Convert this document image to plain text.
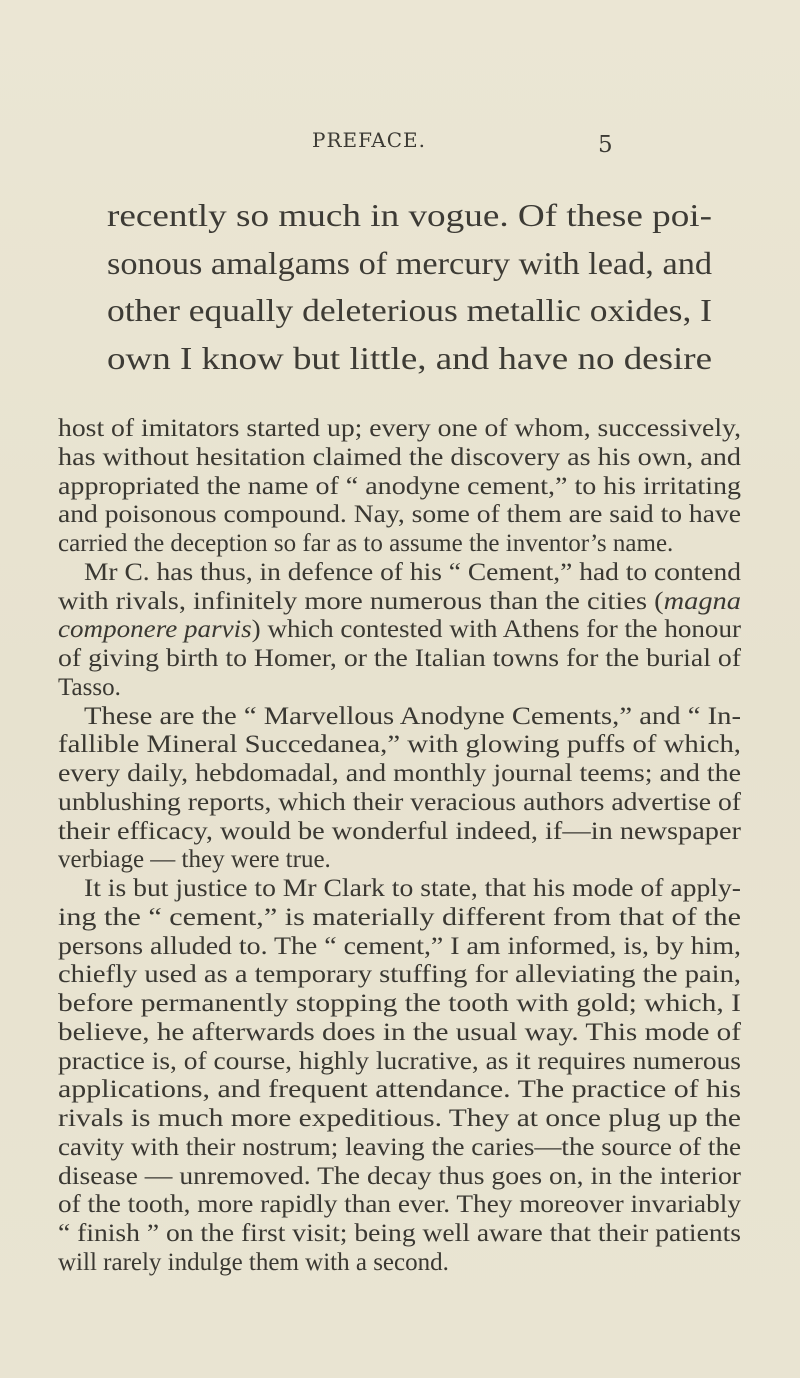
PREFACE.	5
recently so much in vogue. Of these poi-
sonous amalgams of mercury with lead, and
other equally deleterious metallic oxides, I
own I know but little, and have no desire
host of imitators started up; every one of whom, successively,
has without hesitation claimed the discovery as his own, and
appropriated the name of “ anodyne cement,” to his irritating
and poisonous compound. Nay, some of them are said to have
carried the deception so far as to assume the inventor’s name.
Mr C. has thus, in defence of his “ Cement,” had to contend
with rivals, infinitely more numerous than the cities (magna
componere parvis) which contested with Athens for the honour
of giving birth to Homer, or the Italian towns for the burial of
Tasso.
These are the “ Marvellous Anodyne Cements,” and “ In-
fallible Mineral Succedanea,” with glowing puffs of which,
every daily, hebdomadal, and monthly journal teems; and the
unblushing reports, which their veracious authors advertise of
their efficacy, would be wonderful indeed, if—in newspaper
verbiage — they were true.
It is but justice to Mr Clark to state, that his mode of apply-
ing the “ cement,” is materially different from that of the
persons alluded to. The “ cement,” I am informed, is, by him,
chiefly used as a temporary stuffing for alleviating the pain,
before permanently stopping the tooth with gold; which, I
believe, he afterwards does in the usual way. This mode of
practice is, of course, highly lucrative, as it requires numerous
applications, and frequent attendance. The practice of his
rivals is much more expeditious. They at once plug up the
cavity with their nostrum; leaving the caries—the source of the
disease — unremoved. The decay thus goes on, in the interior
of the tooth, more rapidly than ever. They moreover invariably
“ finish ” on the first visit; being well aware that their patients
will rarely indulge them with a second.
